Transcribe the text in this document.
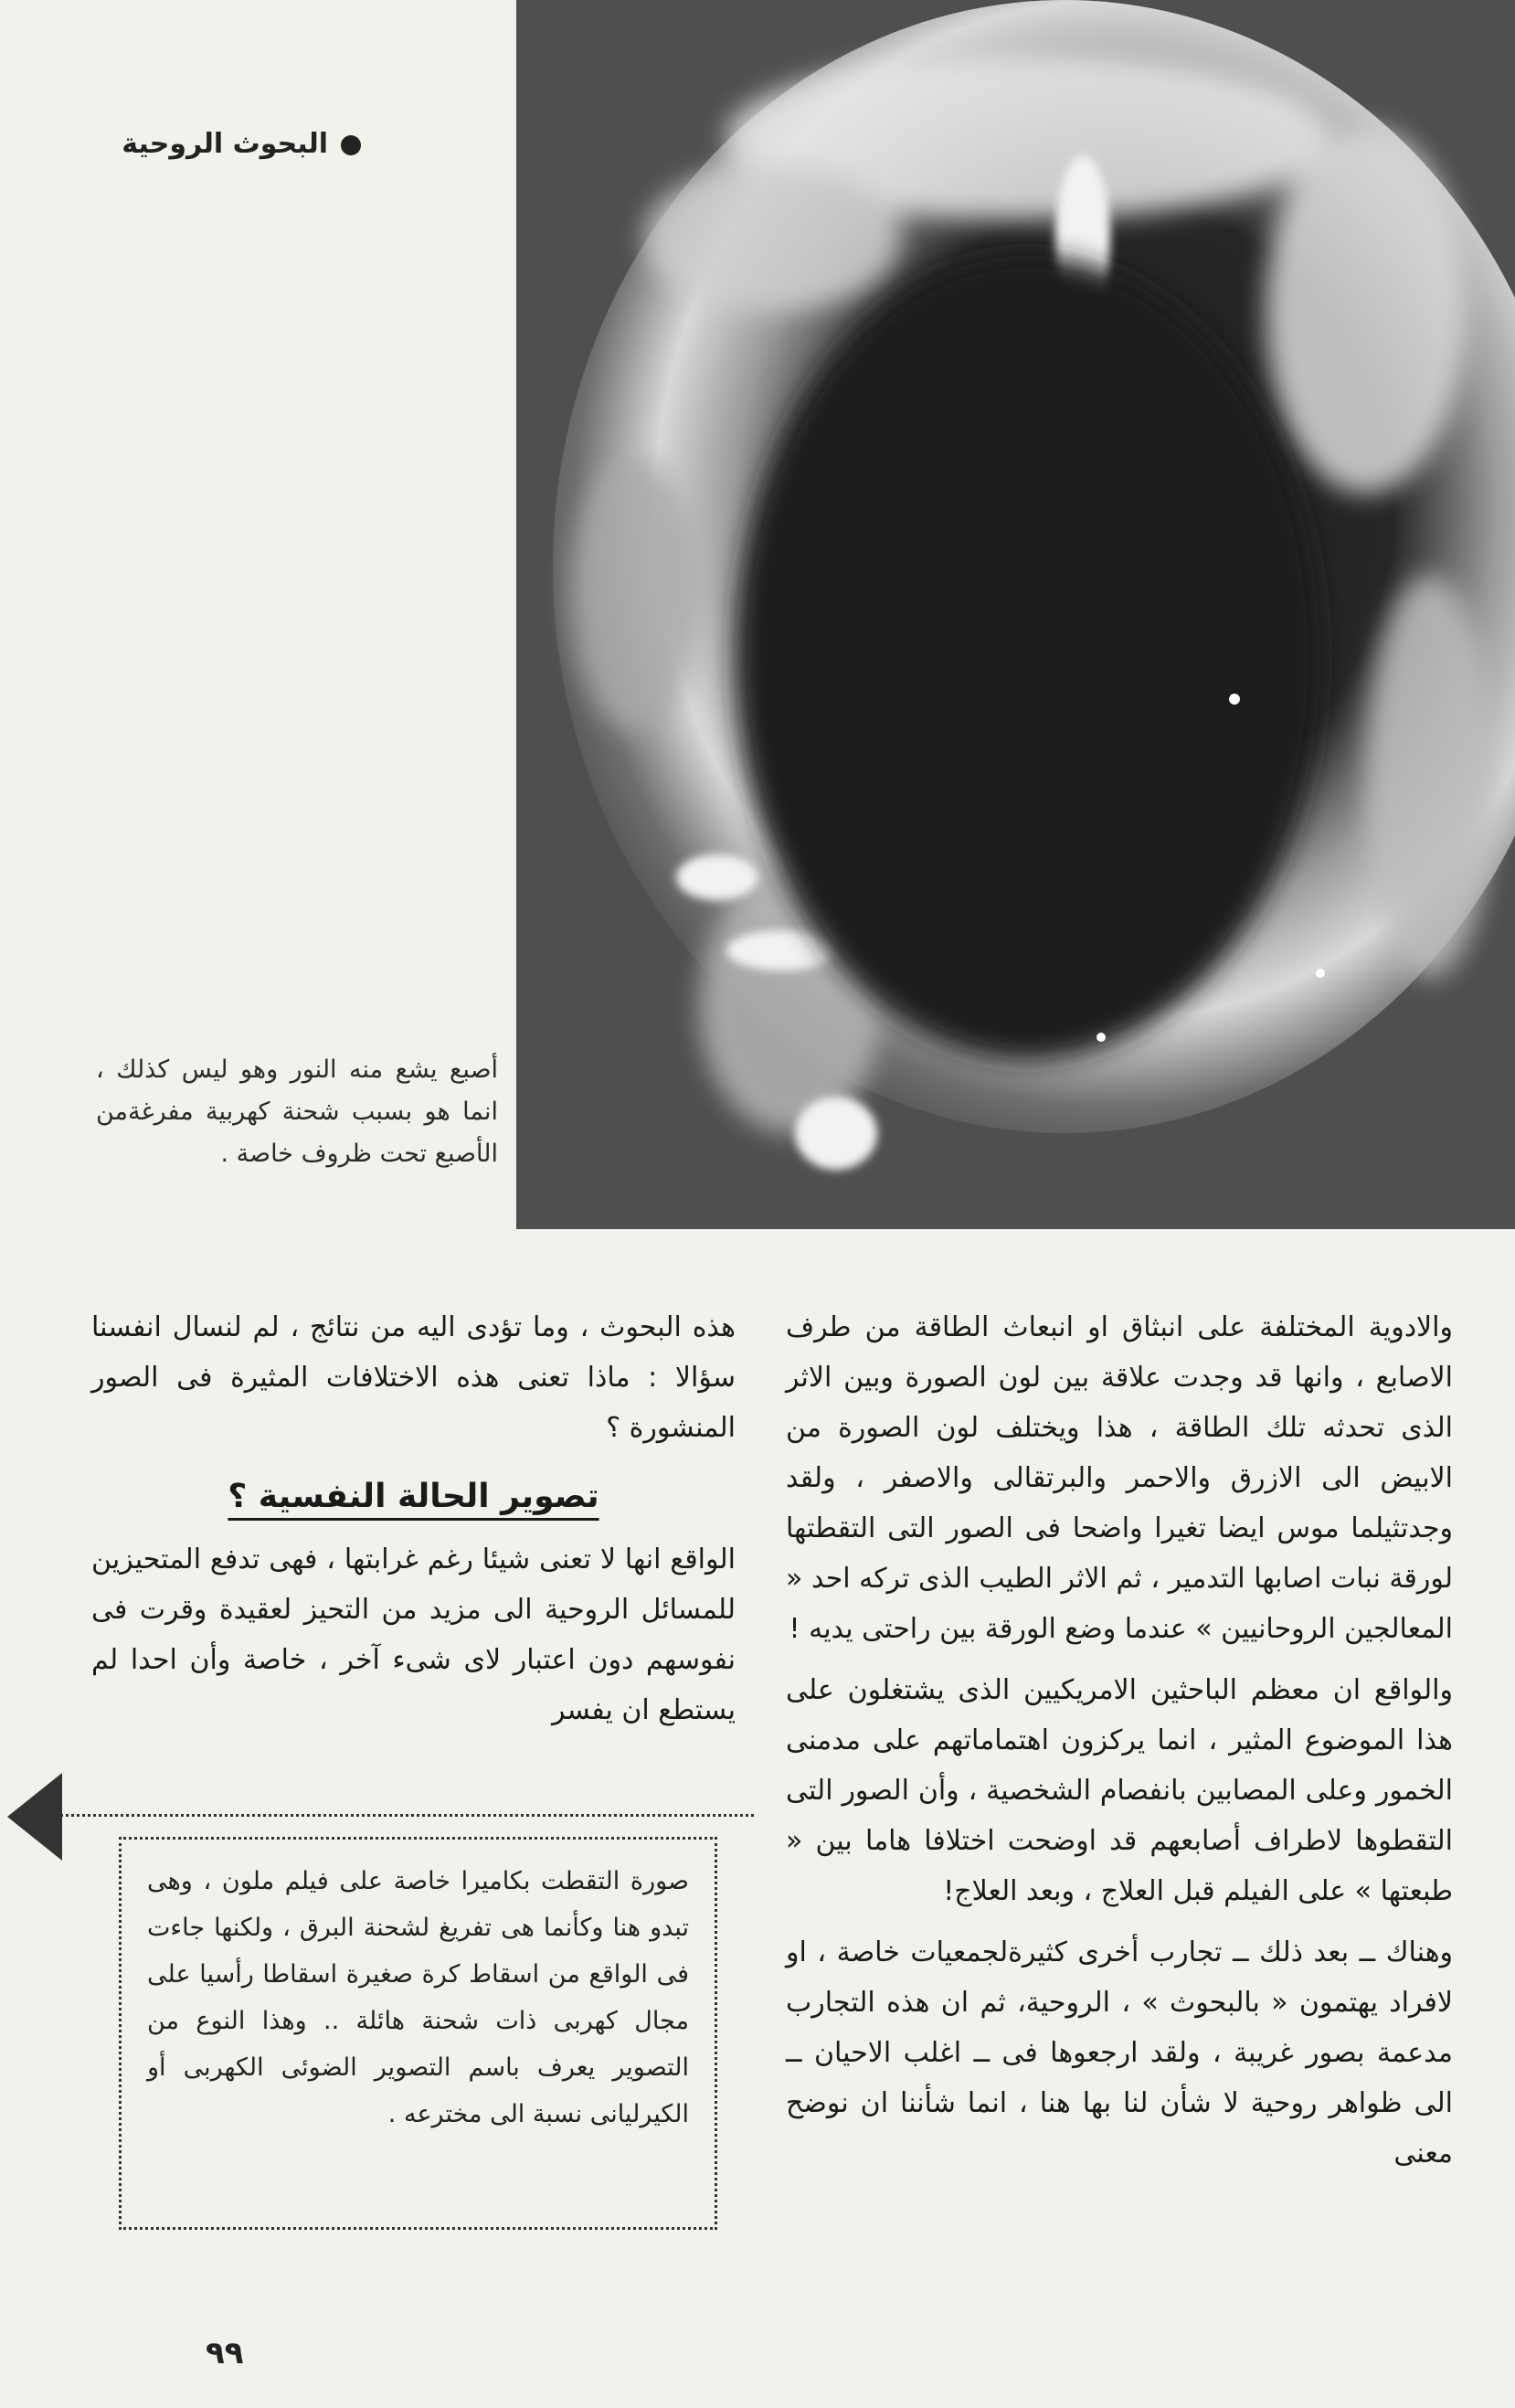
البحوث الروحية
أصبع يشع منه النور وهو ليس كذلك ، انما هو بسبب شحنة كهربية مفرغةمن الأصبع تحت ظروف خاصة .

والادوية المختلفة على انبثاق او انبعاث الطاقة من طرف الاصابع ، وانها قد وجدت علاقة بين لون الصورة وبين الاثر الذى تحدثه تلك الطاقة ، هذا ويختلف لون الصورة من الابيض الى الازرق والاحمر والبرتقالى والاصفر ، ولقد وجدتثيلما موس ايضا تغيرا واضحا فى الصور التى التقطتها لورقة نبات اصابها التدمير ، ثم الاثر الطيب الذى تركه احد « المعالجين الروحانيين » عندما وضع الورقة بين راحتى يديه !

والواقع ان معظم الباحثين الامريكيين الذى يشتغلون على هذا الموضوع المثير ، انما يركزون اهتماماتهم على مدمنى الخمور وعلى المصابين بانفصام الشخصية ، وأن الصور التى التقطوها لاطراف أصابعهم قد اوضحت اختلافا هاما بين « طبعتها » على الفيلم قبل العلاج ، وبعد العلاج!

وهناك ــ بعد ذلك ــ تجارب أخرى كثيرةلجمعيات خاصة ، او لافراد يهتمون « بالبحوث » ، الروحية، ثم ان هذه التجارب مدعمة بصور غريبة ، ولقد ارجعوها فى ــ اغلب الاحيان ــ الى ظواهر روحية لا شأن لنا بها هنا ، انما شأننا ان نوضح معنى

هذه البحوث ، وما تؤدى اليه من نتائج ، لم لنسال انفسنا سؤالا : ماذا تعنى هذه الاختلافات المثيرة فى الصور المنشورة ؟

تصوير الحالة النفسية ؟

الواقع انها لا تعنى شيئا رغم غرابتها ، فهى تدفع المتحيزين للمسائل الروحية الى مزيد من التحيز لعقيدة وقرت فى نفوسهم دون اعتبار لاى شىء آخر ، خاصة وأن احدا لم يستطع ان يفسر

صورة التقطت بكاميرا خاصة على فيلم ملون ، وهى تبدو هنا وكأنما هى تفريغ لشحنة البرق ، ولكنها جاءت فى الواقع من اسقاط كرة صغيرة اسقاطا رأسيا على مجال كهربى ذات شحنة هائلة .. وهذا النوع من التصوير يعرف باسم التصوير الضوئى الكهربى أو الكيرليانى نسبة الى مخترعه .
٩٩
